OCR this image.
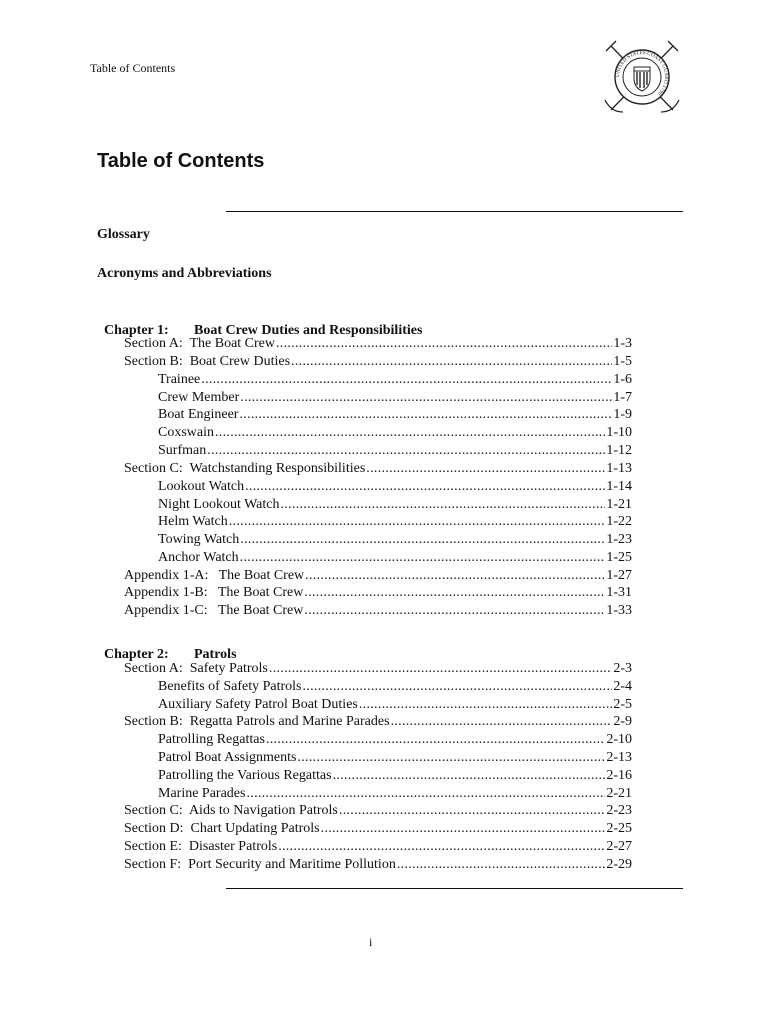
Table of Contents
UNITED STATES COAST GUARD 1790
Table of Contents
Glossary
Acronyms and Abbreviations

Chapter 1: Boat Crew Duties and Responsibilities

Section A:  The Boat Crew .....	1-3
Section B:  Boat Crew Duties .....	1-5
Trainee .....	1-6
Crew Member .....	1-7
Boat Engineer .....	1-9
Coxswain .....	1-10
Surfman .....	1-12
Section C:  Watchstanding Responsibilities .....	1-13
Lookout Watch .....	1-14
Night Lookout Watch .....	1-21
Helm Watch .....	1-22
Towing Watch .....	1-23
Anchor Watch .....	1-25
Appendix 1-A:   The Boat Crew .....	1-27
Appendix 1-B:   The Boat Crew .....	1-31
Appendix 1-C:   The Boat Crew .....	1-33

Chapter 2: Patrols

Section A:  Safety Patrols .....	2-3
Benefits of Safety Patrols .....	2-4
Auxiliary Safety Patrol Boat Duties .....	2-5
Section B:  Regatta Patrols and Marine Parades .....	2-9
Patrolling Regattas .....	2-10
Patrol Boat Assignments .....	2-13
Patrolling the Various Regattas .....	2-16
Marine Parades .....	2-21
Section C:  Aids to Navigation Patrols .....	2-23
Section D:  Chart Updating Patrols .....	2-25
Section E:  Disaster Patrols .....	2-27
Section F:  Port Security and Maritime Pollution .....	2-29
i
